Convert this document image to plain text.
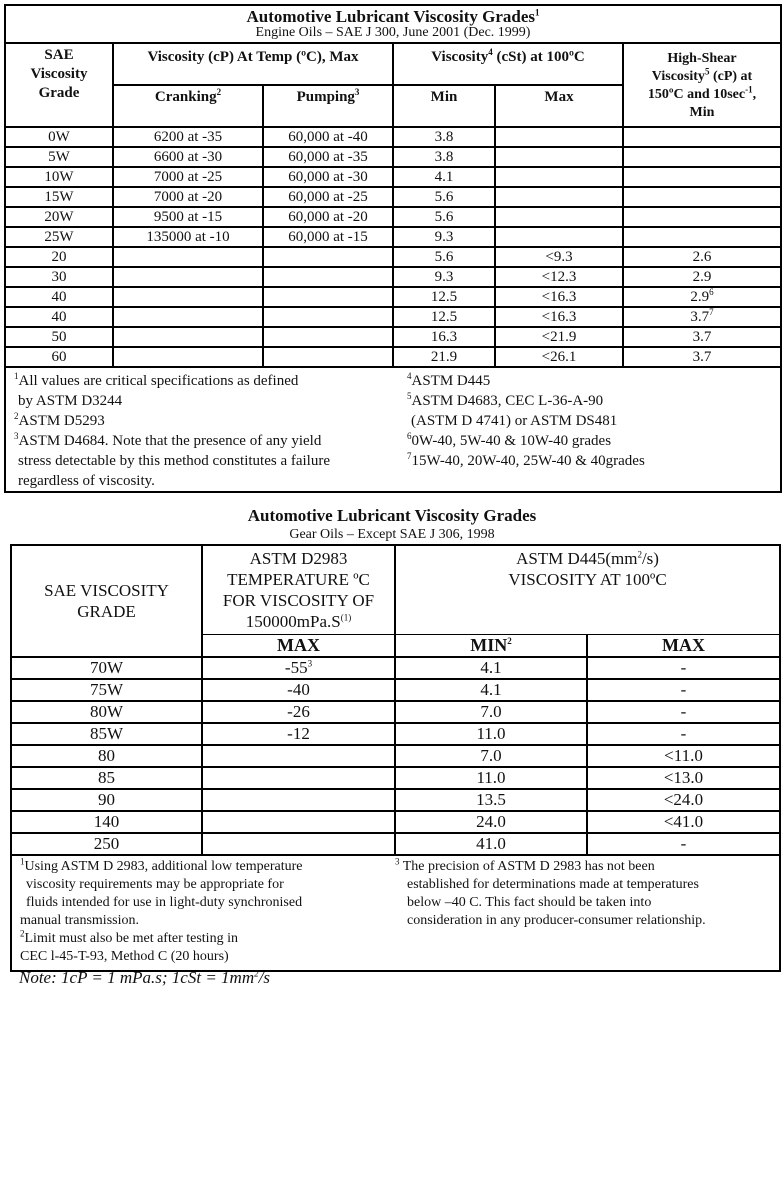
Automotive Lubricant Viscosity Grades$^1$
Engine Oils – SAE J 300, June 2001 (Dec. 1999)					

SAE
Viscosity
Grade	Viscosity (cP) At Temp (ºC), Max		Viscosity$^4$ (cSt) at 100ºC		High-Shear
Viscosity$^5$ (cP) at
150ºC and $10\sec^{-1}$,
Min
	Cranking$^2$	Pumping$^3$	Min	Max	
0W	6200 at -35	60,000 at -40	3.8		
5W	6600 at -30	60,000 at -35	3.8		
10W	7000 at -25	60,000 at -30	4.1		
15W	7000 at -20	60,000 at -25	5.6		
20W	9500 at -15	60,000 at -20	5.6		
25W	135000 at -10	60,000 at -15	9.3		
20			5.6	<9.3	2.6
30			9.3	<12.3	2.9
40			12.5	<16.3	$2.9^6$
40			12.5	<16.3	$3.7^7$
50			16.3	<21.9	3.7
60			21.9	<26.1	3.7

$^1$All values are critical specifications as defined
by ASTM D3244
$^2$ASTM D5293
$^3$ASTM D4684. Note that the presence of any yield
stress detectable by this method constitutes a failureregardless of viscosity.	
$^4$ASTM D445
$^5$ASTM D4683, CEC L-36-A-90
(ASTM D 4741) or ASTM DS481
$^6$0W-40, 5W-40 & 10W-40 grades
$^7$15W-40, 20W-40, 25W-40 & 40grades
Automotive Lubricant Viscosity Grades
Gear Oils – Except SAE J 306, 1998
SAE VISCOSITY
GRADE	ASTM D2983
TEMPERATURE ºC
FOR VISCOSITY OF
$150000mPa.S^{(1)}$	ASTM $D445(mm^2/s)$
VISCOSITY AT 100ºC	
	MAX	MIN$^2$	MAX
70W	$-55^3$	4.1	-
75W	-40	4.1	-
80W	-26	7.0	-
85W	-12	11.0	-
80		7.0	<11.0
85		11.0	<13.0
90		13.5	<24.0
140		24.0	<41.0
250		41.0	-

$^1$Using ASTM D 2983, additional low temperature
viscosity requirements may be appropriate for
fluids intended for use in light-duty synchronised
manual transmission.
$^2$Limit must also be met after testing in
CEC l-45-T-93, Method C (20 hours)

$^3$ The precision of ASTM D 2983 has not been
established for determinations made at temperatures
below –40 C. This fact should be taken into
consideration in any producer-consumer relationship.
Note: 1cP = 1 mPa.s; $1cSt = 1mm^2/s$
